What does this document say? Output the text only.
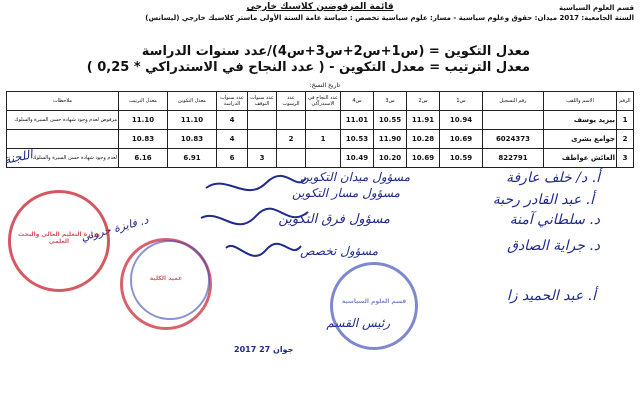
قسم العلوم السياسية
قائمة المرفوضين كلاسيك خارجي
السنة الجامعية: 2017 ميدان: حقوق وعلوم سياسية - مسار: علوم سياسية تخصص : سياسة عامة السنة الأولى ماستر كلاسيك خارجي (ليسانس)
معدل التكوين = (س1+س2+س3+س4)/عدد سنوات الدراسة
معدل الترتيب = معدل التكوين - ( عدد النجاح في الاستدراكي * 0,25 )
تاريخ النسخ:
الرقم	الاسم واللقب	رقم التسجيل	س1	س2	س3	س4	عدد النجاح في الاستدراكي	عدد الرسوب	عدد سنوات التوقف	عدد سنوات الدراسة	معدل التكوين	معدل الترتيب	ملاحظات
1	بيزيد يوسف		10.94	11.91	10.55	11.01				4	11.10	11.10	مرفوض لعدم وجود شهادة حسن السيرة والسلوك
2	جوامع بشرى	6024373	10.69	10.28	11.90	10.53	1	2		4	10.83	10.83	
3	العائش عواطف	822791	10.59	10.69	10.20	10.49			3	6	6.91	6.16	لعدم وجود شهادة حسن السيرة والسلوك
أ. د/ خلف عارفة
أ. عبد القادر رحبة
د. سلطاني آمنة
د. جراية الصادق
أ. عبد الحميد زا
مسؤول ميدان التكوين
مسؤول مسار التكوين
مسؤول فرق التكوين
مسؤول تخصص
رئيس القسم
اللجنة
د. فايزة جروني
وزارة التعليم العالي والبحث العلمي
عميد الكلية
قسم العلوم السياسية
2017 جوان 27
